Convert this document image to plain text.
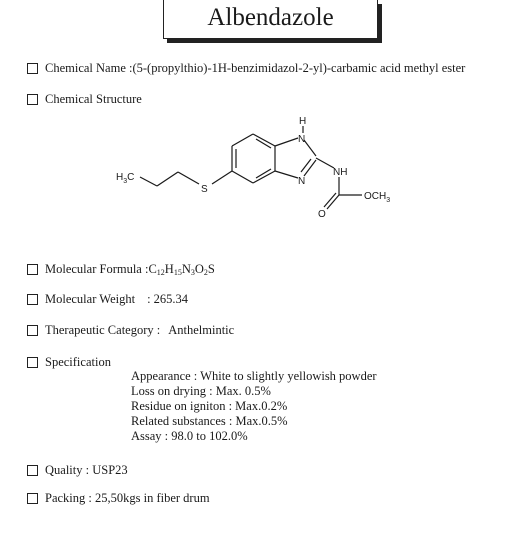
Albendazole
Chemical Name : (5-(propylthio)-1H-benzimidazol-2-yl)-carbamic acid methyl ester
Chemical Structure
H
N
N
NH
S
O
$H_3C$
$OCH_3$
Molecular Formula : $C_{12}H_{15}N_3O_2S$
Molecular Weight : 265.34
Therapeutic Category : Anthelmintic
Specification
Appearance : White to slightly yellowish powder
Loss on drying : Max. 0.5%
Residue on igniton : Max.0.2%
Related substances : Max.0.5%
Assay : 98.0 to 102.0%
Quality : USP23
Packing : 25,50kgs in fiber drum
